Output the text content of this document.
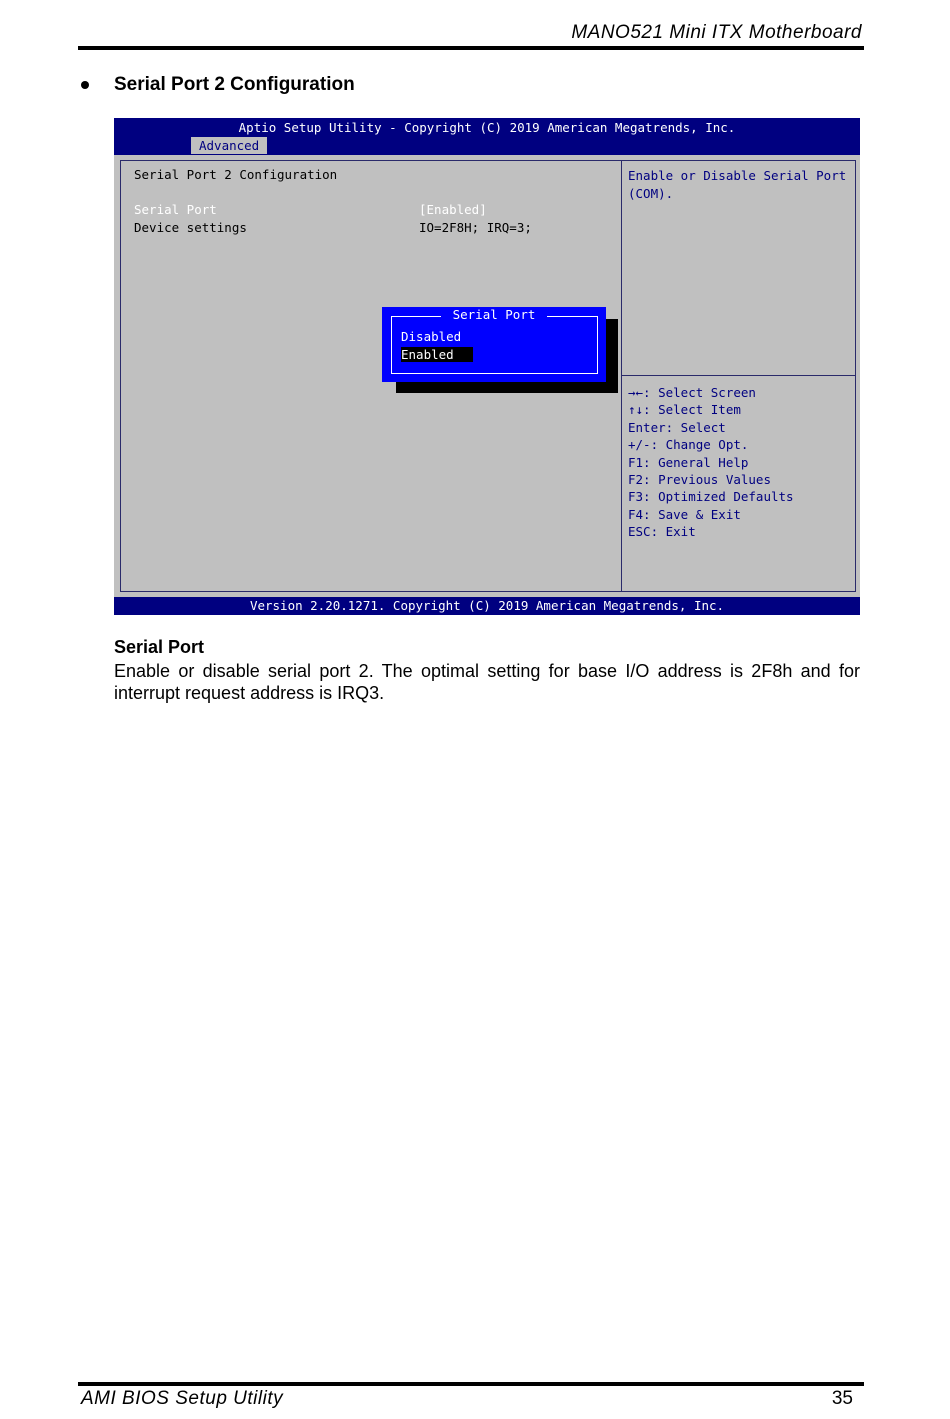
MANO521 Mini ITX Motherboard
Serial Port 2 Configuration
Aptio Setup Utility - Copyright (C) 2019 American Megatrends, Inc.
Advanced
Serial Port 2 Configuration
Serial Port	[Enabled]
Device settings	IO=2F8H; IRQ=3;
Enable or Disable Serial Port (COM).
→←: Select Screen
↑↓: Select Item
Enter: Select
+/-: Change Opt.
F1: General Help
F2: Previous Values
F3: Optimized Defaults
F4: Save & Exit
ESC: Exit
Serial Port
Disabled
Enabled
Version 2.20.1271. Copyright (C) 2019 American Megatrends, Inc.
Serial Port
Enable or disable serial port 2. The optimal setting for base I/O address is 2F8h and for interrupt request address is IRQ3.
AMI BIOS Setup Utility	35
